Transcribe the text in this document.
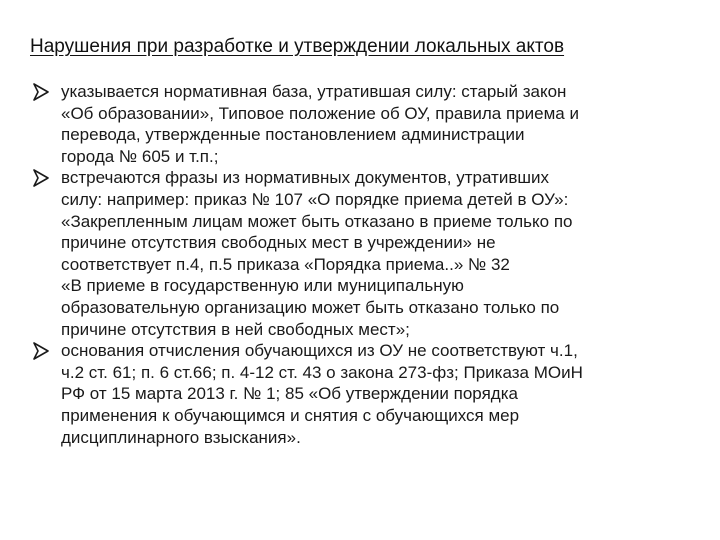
Нарушения при разработке и утверждении локальных актов
указывается нормативная база, утратившая силу: старый закон
«Об образовании», Типовое положение об ОУ, правила приема и
перевода, утвержденные постановлением администрации
города № 605 и т.п.;
встречаются фразы из нормативных документов, утративших
силу: например: приказ № 107 «О порядке приема детей в ОУ»:
«Закрепленным лицам может быть отказано в приеме только по
причине отсутствия свободных мест в учреждении» не
соответствует п.4, п.5 приказа «Порядка приема..» № 32
«В приеме в государственную или муниципальную
образовательную организацию может быть отказано только по
причине отсутствия в ней свободных мест»;
основания отчисления обучающихся из ОУ не соответствуют ч.1,
ч.2 ст. 61; п. 6 ст.66; п. 4-12 ст. 43 о закона 273-фз; Приказа МОиН
РФ от 15 марта 2013 г. № 1; 85 «Об утверждении порядка
применения к обучающимся и снятия с обучающихся мер
дисциплинарного взыскания».
